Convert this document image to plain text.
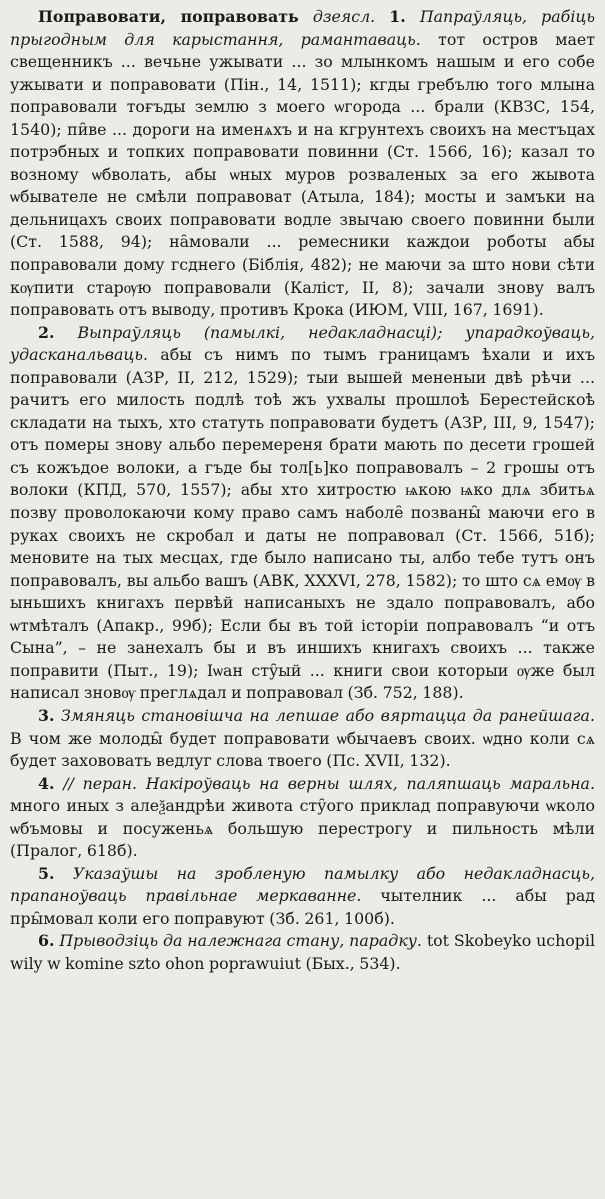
Поправовати, поправовать дзеясл. 1. Папраўляць, рабіць прыгодным для карыстання, рамантаваць. тот остров мает свещенникъ ... вечьне ужывати ... зо млынкомъ нашым и его собе ужывати и поправовати (Пін., 14, 1511); кгды гребълю того млына поправовали тоғъды землю з моего ѡгорода ... брали (КВЗС, 154, 1540); пи̑ве ... дороги на именѧхъ и на кгрунтехъ своихъ на местъцах потрэбных и топких поправовати повинни (Ст. 1566, 16); казал то возному ѡбволать, абы ѡных муров розваленых за его жывота ѡбывателе не смѣли поправоват (Атыла, 184); мосты и замъки на дельницахъ своих поправовати водле звычаю своего повинни были (Ст. 1588, 94); на̑мовали ... ремесники каждои роботы абы поправовали дому гсднего (Біблія, 482); не маючи за што нови сѣти кѹпити старѹю поправовали (Каліст, II, 8); зачали знову валъ поправовать отъ выводу, противъ Крока (ИЮМ, VIII, 167, 1691).

2. Выпраўляць (памылкі, недакладнасці); упарадкоўваць, удасканальваць. абы съ нимъ по тымъ границамъ ѣхали и ихъ поправовали (АЗР, II, 212, 1529); тыи вышей мененыи двѣ рѣчи ... рачитъ его милость подлѣ тоѣ жъ ухвалы прошлоѣ Берестейскоѣ складати на тыхъ, хто статуть поправовати будетъ (АЗР, III, 9, 1547); отъ померы знову альбо перемереня брати мають по десети грошей съ кожъдое волоки, а гъде бы тол[ь]ко поправовалъ – 2 грошы отъ волоки (КПД, 570, 1557); абы хто хитростю ѩкою ѩко длѧ збитьѧ позву проволокаючи кому право самъ наболе̑ позваны̑ маючи его в руках своихъ не скробал и даты не поправовал (Ст. 1566, 51б); меновите на тых месцах, где было написано ты, албо тебе тутъ онъ поправовалъ, вы альбо вашъ (АВК, XXXVI, 278, 1582); то што сѧ емѹ в ыньшихъ книгахъ первѣй написаныхъ не здало поправовалъ, або ѡтмѣталъ (Апакр., 99б); Если бы въ той історіи поправовалъ “и отъ Сына”, – не занехалъ бы и въ иншихъ книгахъ своихъ ... также поправити (Пыт., 19); Іѡан сту̑ый ... книги свои которыи ѹже был написал зновѹ преглѧдал и поправовал (Зб. 752, 188).

3. Змяняць становішча на лепшае або вяртацца да ранейшага. В чом же молоды̑ будет поправовати ѡбычаевъ своих. ѡдно коли сѧ будет захововать ведлуг слова твоего (Пс. XVII, 132).

4. // перан. Накіроўваць на верны шлях, паляпшаць маральна. много иных з алеѯандрѣи живота сту̑ого приклад поправуючи ѡколо ѡбъмовы и посуженьѧ большую перестрогу и пильность мѣли (Пралог, 618б).

5. Указаўшы на зробленую памылку або недакладнасць, прапаноўваць правільнае меркаванне. чытелник ... абы рад пры̑мовал коли его поправуют (Зб. 261, 100б).

6. Прыводзіць да належнага стану, парадку. tot Skobeyko uchopil wily w komine szto ohon poprawuiut (Бых., 534).
